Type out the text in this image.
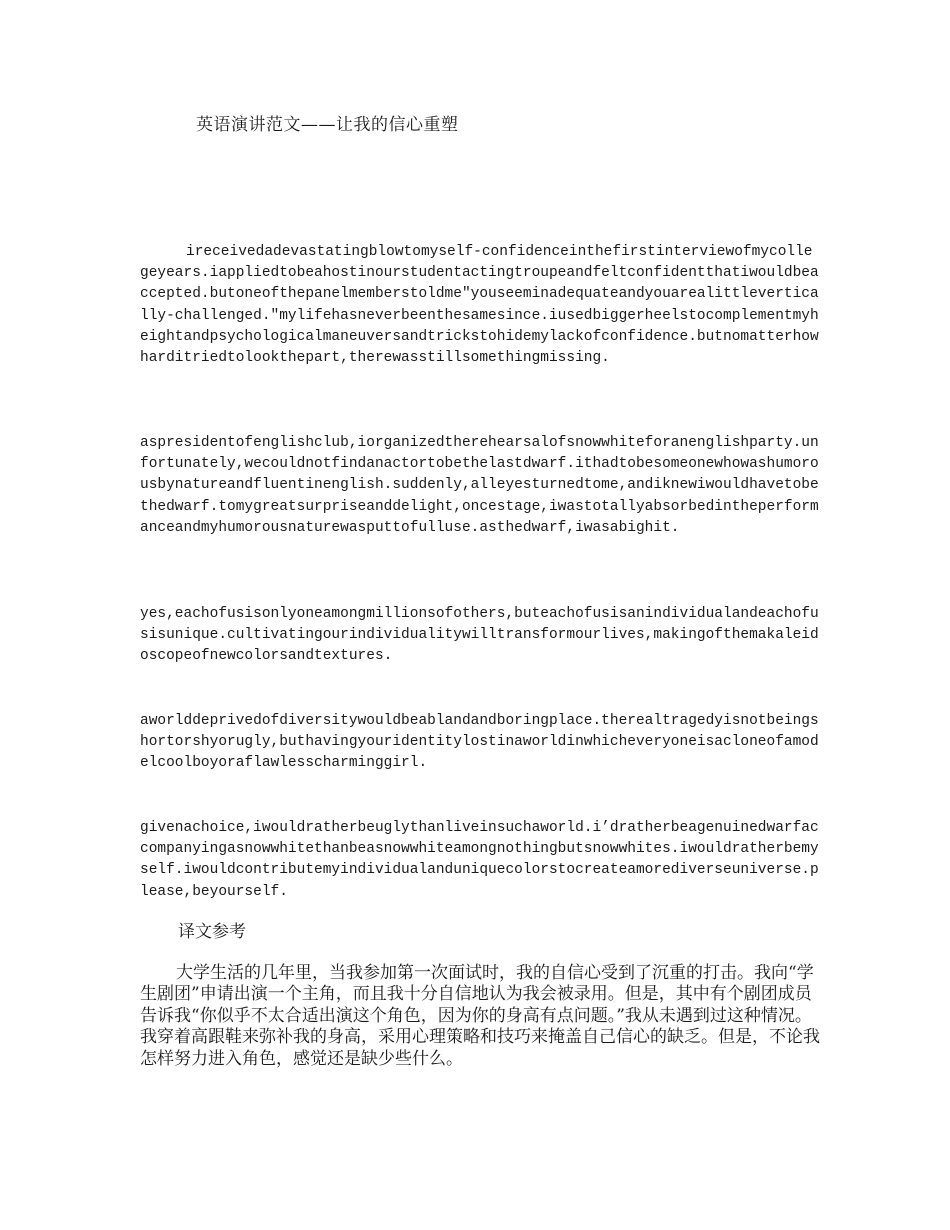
英语演讲范文——让我的信心重塑

ireceivedadevastatingblowtomyself-confidenceinthefirstinterviewofmycollegeyears.iappliedtobeahostinourstudentactingtroupeandfeltconfidentthatiwouldbeaccepted.butoneofthepanelmemberstoldme"youseeminadequateandyouarealittlevertically-challenged."mylifehasneverbeenthesamesince.iusedbiggerheelstocomplementmyheightandpsychologicalmaneuversandtrickstohidemylackofconfidence.butnomatterhowharditriedtolookthepart,therewasstillsomethingmissing.

aspresidentofenglishclub,iorganizedtherehearsalofsnowwhiteforanenglishparty.unfortunately,wecouldnotfindanactortobethelastdwarf.ithadtobesomeonewhowashumorousbynatureandfluentinenglish.suddenly,alleyesturnedtome,andiknewiwouldhavetobethedwarf.tomygreatsurpriseanddelight,oncestage,iwastotallyabsorbedintheperformanceandmyhumorousnaturewasputtofulluse.asthedwarf,iwasabighit.

yes,eachofusisonlyoneamongmillionsofothers,buteachofusisanindividualandeachofusisunique.cultivatingourindividualitywilltransformourlives,makingofthemakaleidoscopeofnewcolorsandtextures.

aworlddeprivedofdiversitywouldbeablandandboringplace.therealtragedyisnotbeingshortorshyorugly,buthavingyouridentitylostinaworldinwhicheveryoneisacloneofamodelcoolboyoraflawlesscharminggirl.

givenachoice,iwouldratherbeuglythanliveinsuchaworld.i’dratherbeagenuinedwarfaccompanyingasnowwhitethanbeasnowwhiteamongnothingbutsnowwhites.iwouldratherbemyself.iwouldcontributemyindividualanduniquecolorstocreateamorediverseuniverse.please,beyourself.

译文参考

大学生活的几年里，当我参加第一次面试时，我的自信心受到了沉重的打击。我向“学生剧团”申请出演一个主角，而且我十分自信地认为我会被录用。但是，其中有个剧团成员告诉我“你似乎不太合适出演这个角色，因为你的身高有点问题。”我从未遇到过这种情况。我穿着高跟鞋来弥补我的身高，采用心理策略和技巧来掩盖自己信心的缺乏。但是，不论我怎样努力进入角色，感觉还是缺少些什么。
